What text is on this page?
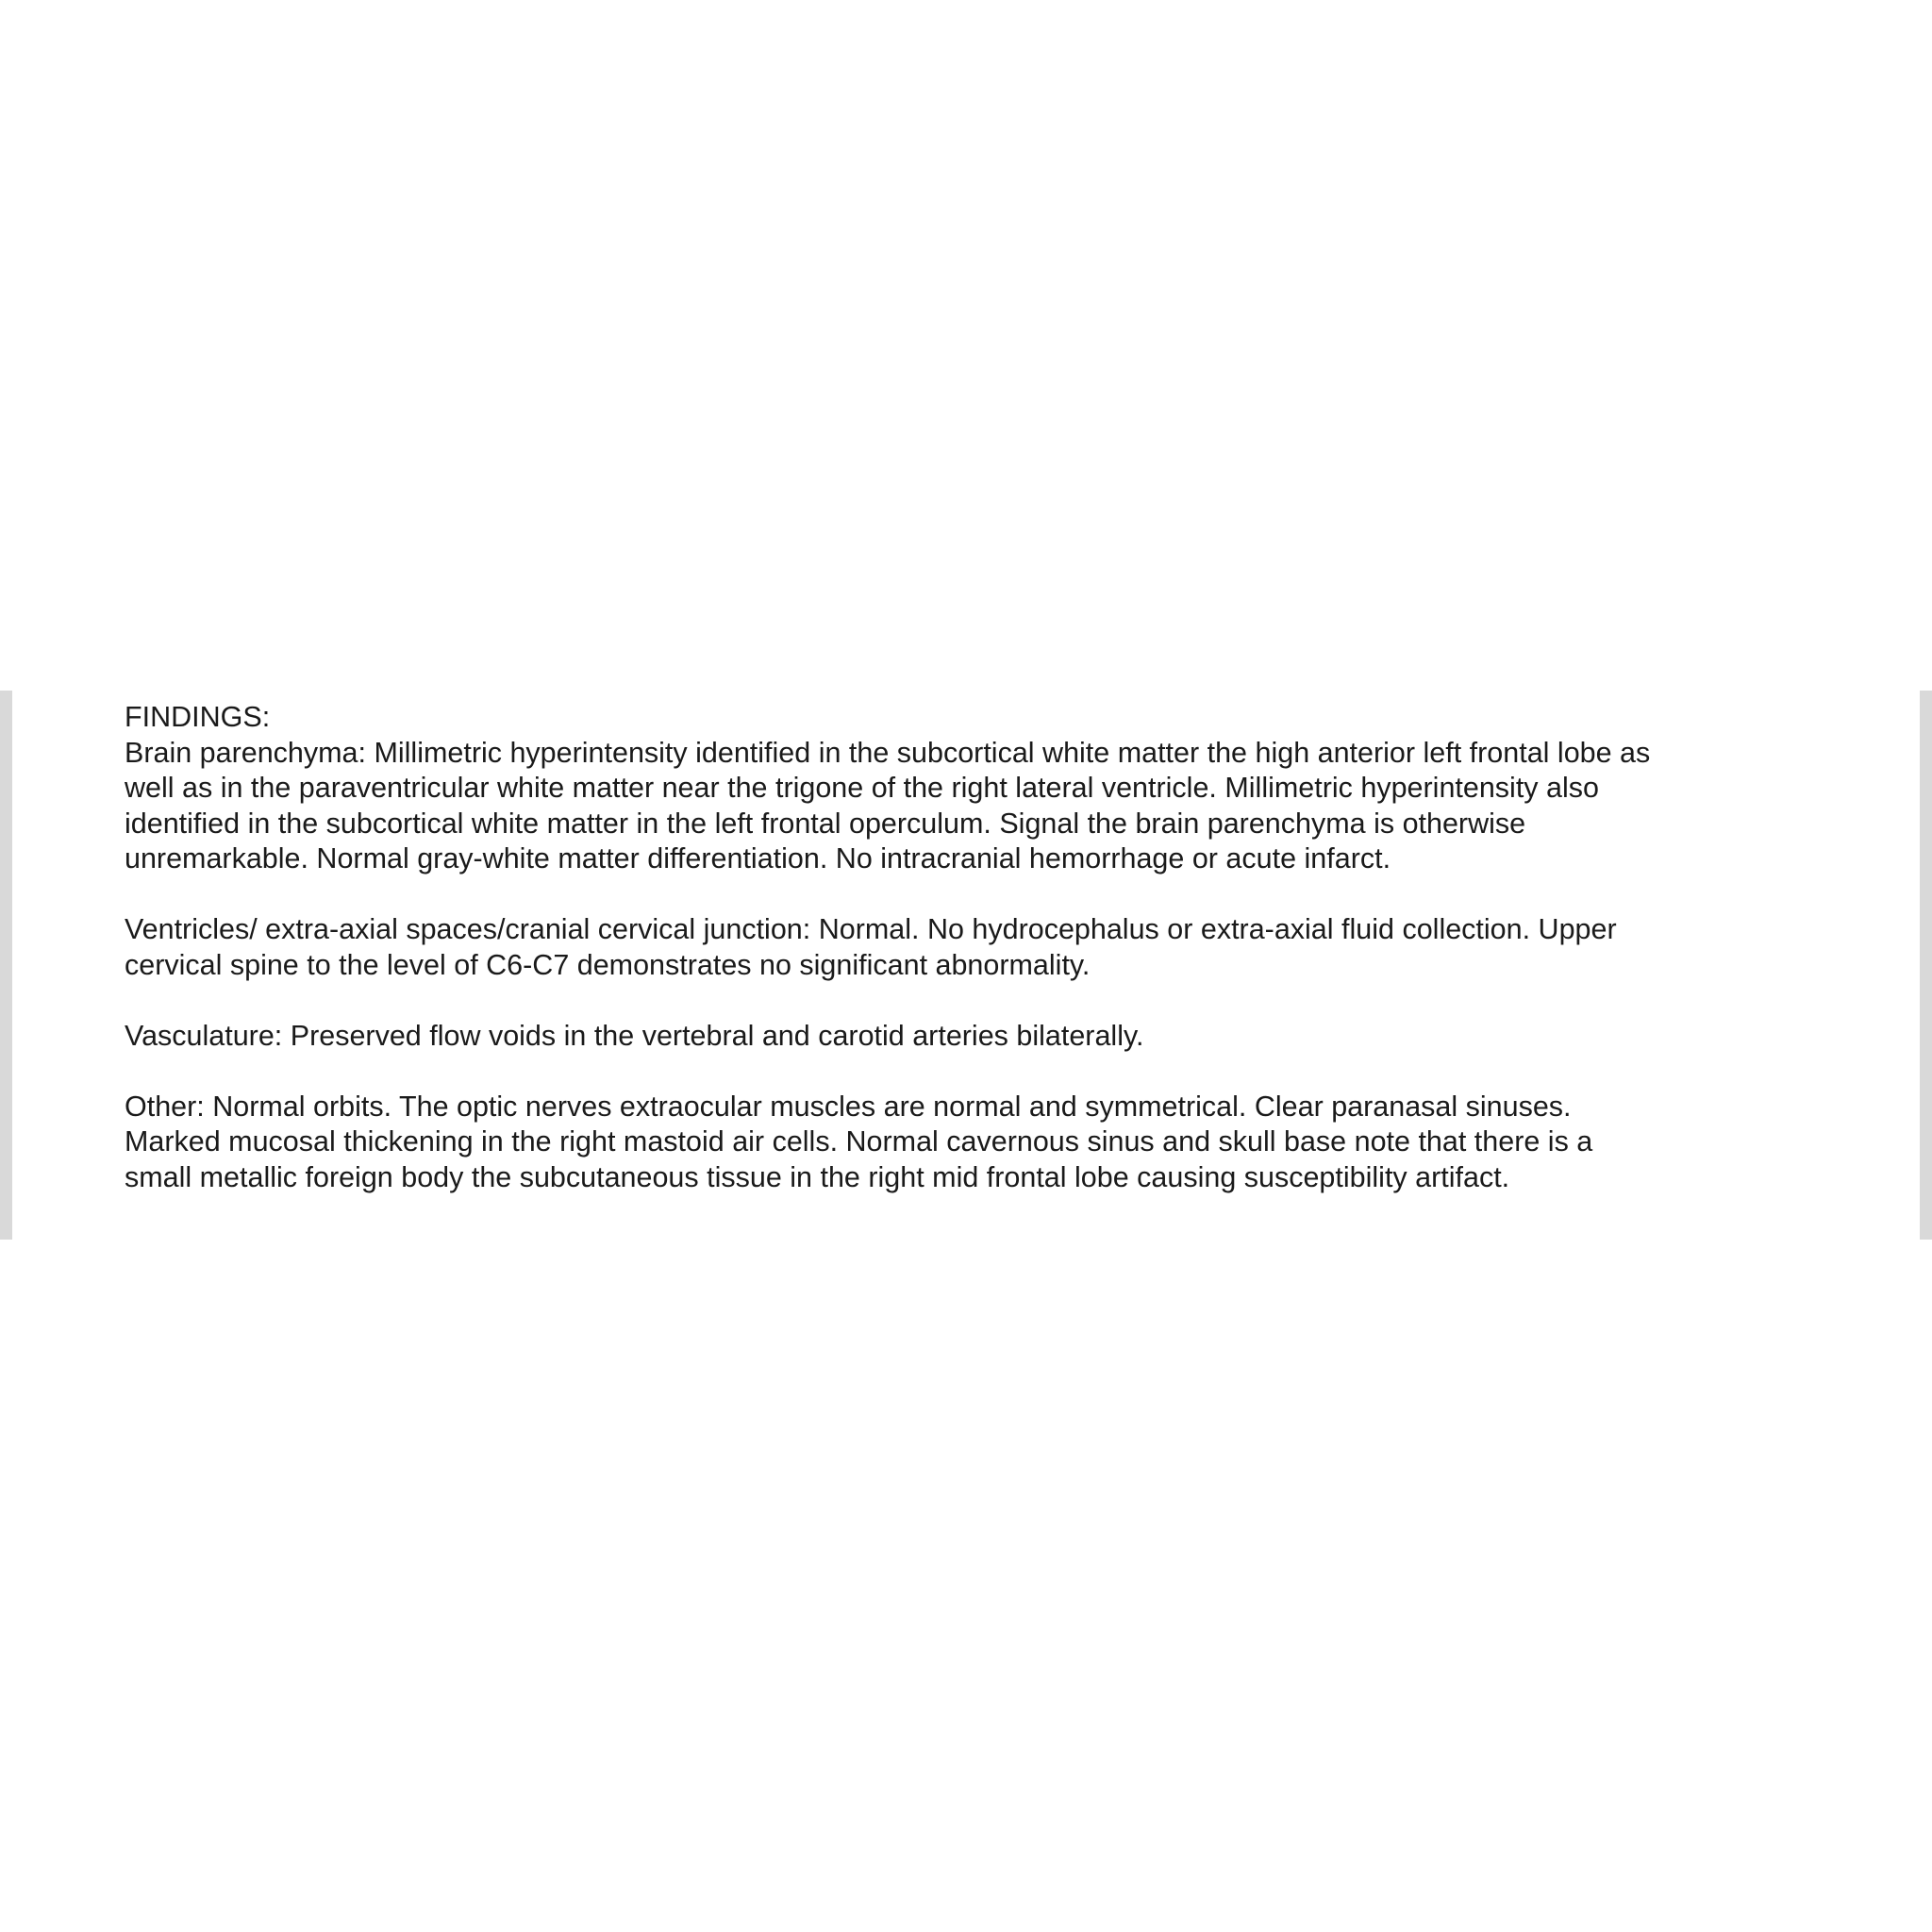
FINDINGS:
Brain parenchyma: Millimetric hyperintensity identified in the subcortical white matter the high anterior left frontal lobe as
well as in the paraventricular white matter near the trigone of the right lateral ventricle. Millimetric hyperintensity also
identified in the subcortical white matter in the left frontal operculum. Signal the brain parenchyma is otherwise
unremarkable. Normal gray-white matter differentiation. No intracranial hemorrhage or acute infarct.
Ventricles/ extra-axial spaces/cranial cervical junction: Normal. No hydrocephalus or extra-axial fluid collection. Upper
cervical spine to the level of C6-C7 demonstrates no significant abnormality.
Vasculature: Preserved flow voids in the vertebral and carotid arteries bilaterally.
Other: Normal orbits. The optic nerves extraocular muscles are normal and symmetrical. Clear paranasal sinuses.
Marked mucosal thickening in the right mastoid air cells. Normal cavernous sinus and skull base note that there is a
small metallic foreign body the subcutaneous tissue in the right mid frontal lobe causing susceptibility artifact.
